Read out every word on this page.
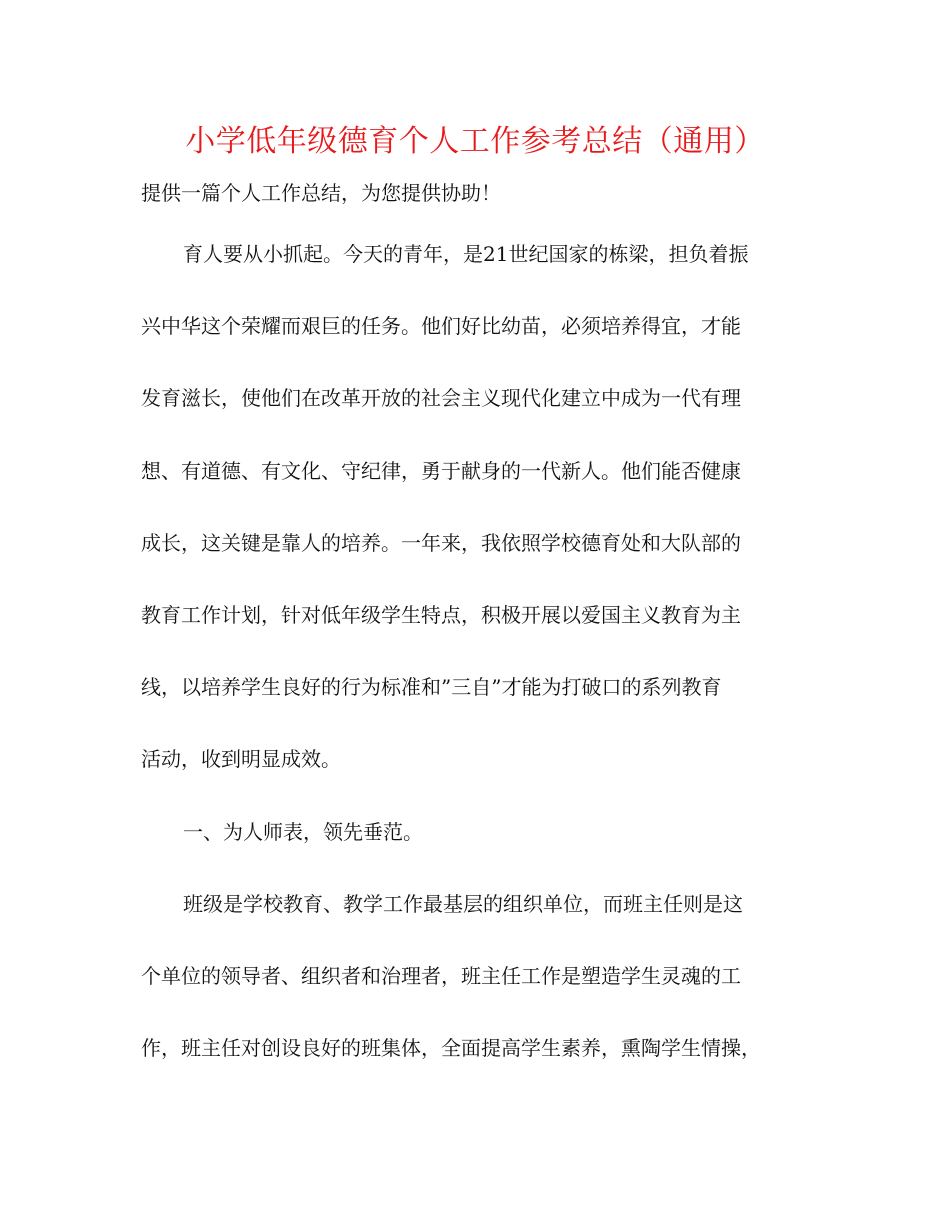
小学低年级德育个人工作参考总结（通用）
提供一篇个人工作总结，为您提供协助！
育人要从小抓起。今天的青年，是21世纪国家的栋梁，担负着振
兴中华这个荣耀而艰巨的任务。他们好比幼苗，必须培养得宜，才能
发育滋长，使他们在改革开放的社会主义现代化建立中成为一代有理
想、有道德、有文化、守纪律，勇于献身的一代新人。他们能否健康
成长，这关键是靠人的培养。一年来，我依照学校德育处和大队部的
教育工作计划，针对低年级学生特点，积极开展以爱国主义教育为主
线，以培养学生良好的行为标准和”三自”才能为打破口的系列教育
活动，收到明显成效。
一、为人师表，领先垂范。
班级是学校教育、教学工作最基层的组织单位，而班主任则是这
个单位的领导者、组织者和治理者，班主任工作是塑造学生灵魂的工
作，班主任对创设良好的班集体，全面提高学生素养，熏陶学生情操，
